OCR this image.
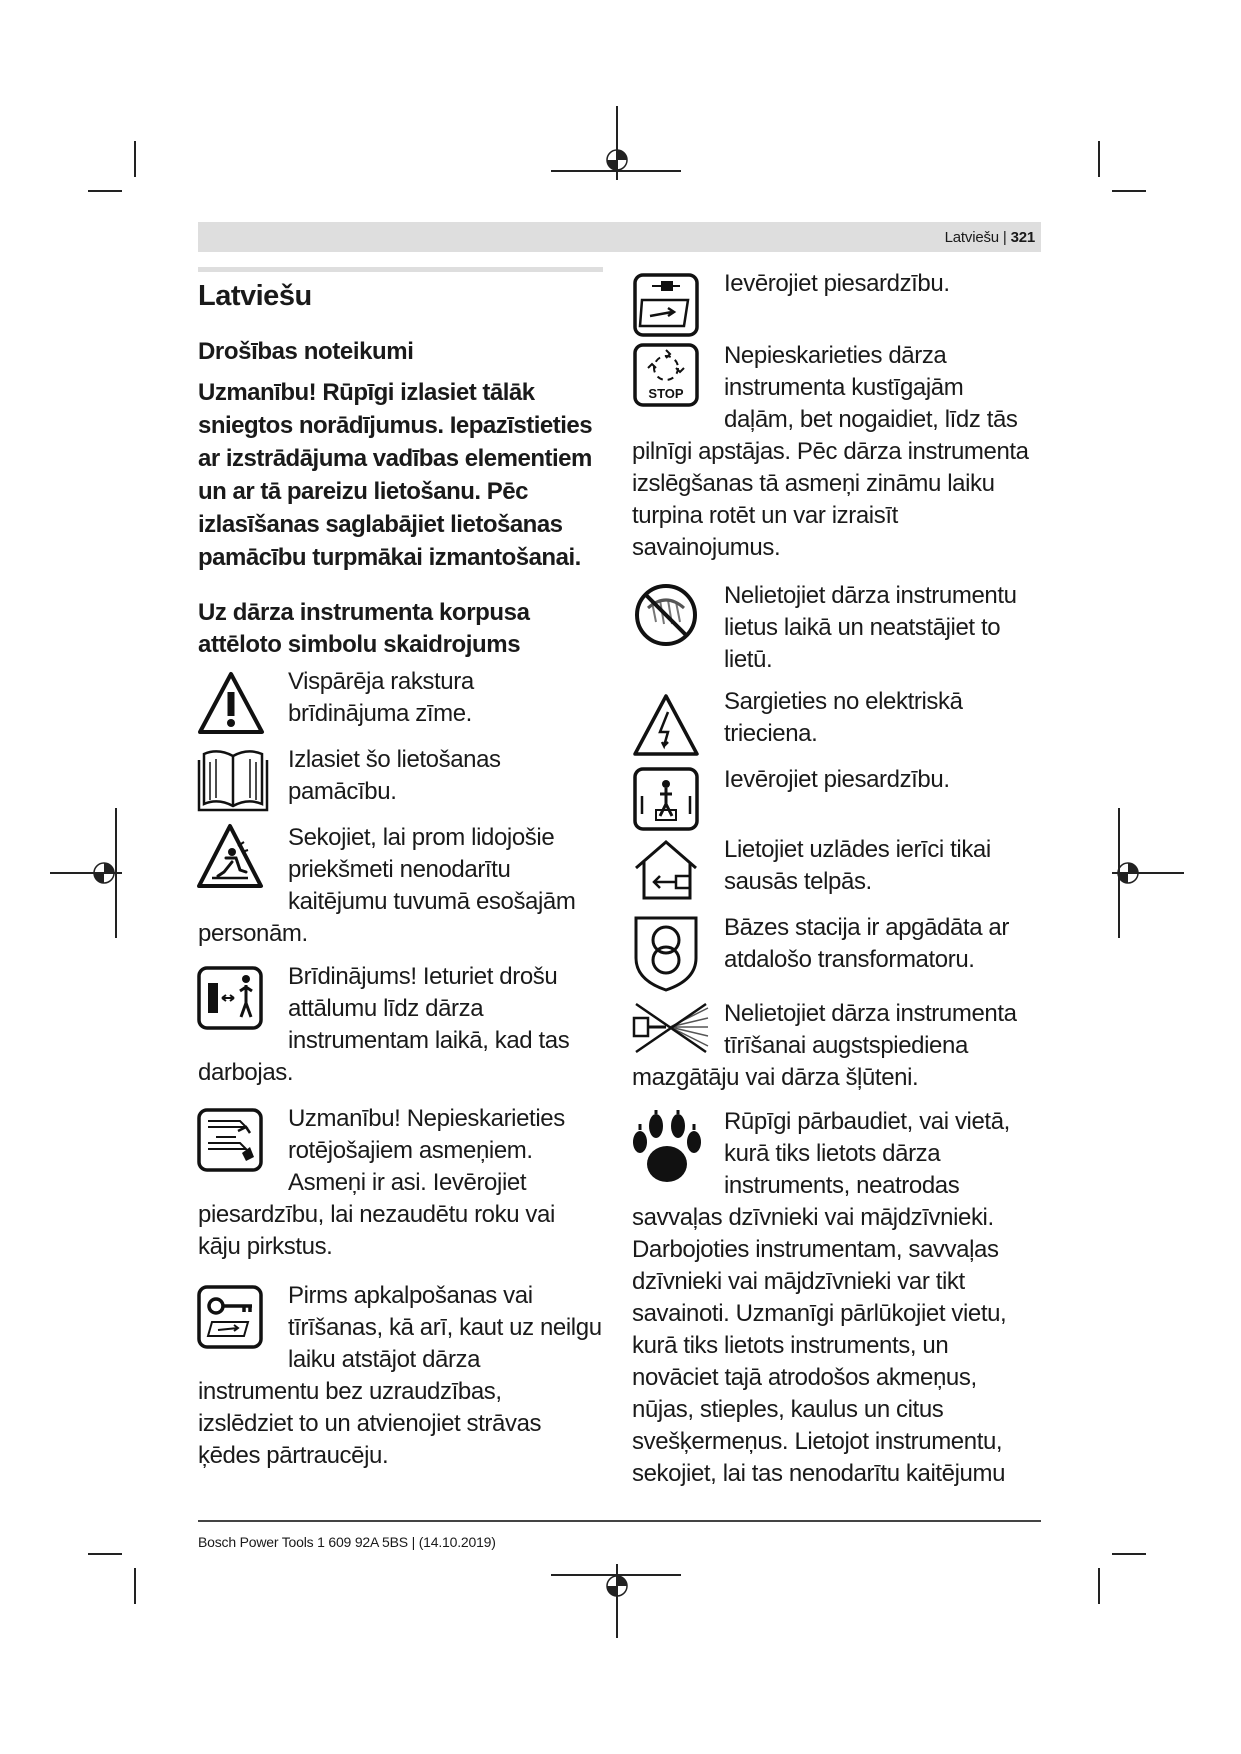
Latviešu | 321
Latviešu

Drošības noteikumi

Uzmanību! Rūpīgi izlasiet tālāk sniegtos norādījumus. Iepazīstieties ar izstrādājuma vadības elementiem un ar tā pareizu lietošanu. Pēc izlasīšanas saglabājiet lietošanas pamācību turpmākai izmantošanai.

Uz dārza instrumenta korpusa

attēloto simbolu skaidrojums

Vispārēja rakstura

brīdinājuma zīme.

Izlasiet šo lietošanas

pamācību.

Sekojiet, lai prom lidojošie

priekšmeti nenodarītu

kaitējumu tuvumā esošajām

personām.

Brīdinājums! Ieturiet drošu

attālumu līdz dārza

instrumentam laikā, kad tas

darbojas.

Uzmanību! Nepieskarieties

rotējošajiem asmeņiem.

Asmeņi ir asi. Ievērojiet

piesardzību, lai nezaudētu roku vai

kāju pirkstus.

Pirms apkalpošanas vai

tīrīšanas, kā arī, kaut uz neilgu

laiku atstājot dārza

instrumentu bez uzraudzības,

izslēdziet to un atvienojiet strāvas

ķēdes pārtraucēju.

Ievērojiet piesardzību.

STOP

Nepieskarieties dārza

instrumenta kustīgajām

daļām, bet nogaidiet, līdz tās

pilnīgi apstājas. Pēc dārza instrumenta

izslēgšanas tā asmeņi zināmu laiku

turpina rotēt un var izraisīt

savainojumus.

Nelietojiet dārza instrumentu

lietus laikā un neatstājiet to

lietū.

Sargieties no elektriskā

trieciena.

Ievērojiet piesardzību.

Lietojiet uzlādes ierīci tikai

sausās telpās.

Bāzes stacija ir apgādāta ar

atdalošo transformatoru.

Nelietojiet dārza instrumenta

tīrīšanai augstspiediena

mazgātāju vai dārza šļūteni.

Rūpīgi pārbaudiet, vai vietā,

kurā tiks lietots dārza

instruments, neatrodas

savvaļas dzīvnieki vai mājdzīvnieki.

Darbojoties instrumentam, savvaļas

dzīvnieki vai mājdzīvnieki var tikt

savainoti. Uzmanīgi pārlūkojiet vietu,

kurā tiks lietots instruments, un

novāciet tajā atrodošos akmeņus,

nūjas, stieples, kaulus un citus

svešķermeņus. Lietojot instrumentu,

sekojiet, lai tas nenodarītu kaitējumu

Bosch Power Tools 1 609 92A 5BS | (14.10.2019)
